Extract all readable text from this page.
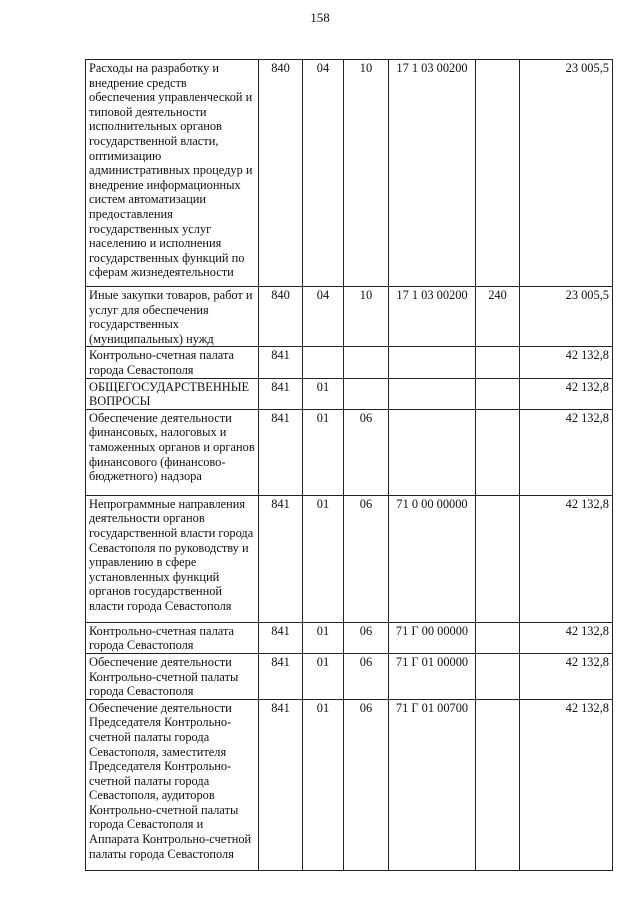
158
Расходы на разработку и внедрение средств обеспечения управленческой и типовой деятельности исполнительных органов государственной власти, оптимизацию административных процедур и внедрение информационных систем автоматизации предоставления государственных услуг населению и исполнения государственных функций по сферам жизнедеятельности	840	04	10	17 1 03 00200		23 005,5
Иные закупки товаров, работ и услуг для обеспечения государственных (муниципальных) нужд	840	04	10	17 1 03 00200	240	23 005,5
Контрольно-счетная палата города Севастополя	841					42 132,8
ОБЩЕГОСУДАРСТВЕННЫЕ ВОПРОСЫ	841	01				42 132,8
Обеспечение деятельности финансовых, налоговых и таможенных органов и органов финансового (финансово-бюджетного) надзора	841	01	06			42 132,8
Непрограммные направления деятельности органов государственной власти города Севастополя по руководству и управлению в сфере установленных функций органов государственной власти города Севастополя	841	01	06	71 0 00 00000		42 132,8
Контрольно-счетная палата города Севастополя	841	01	06	71 Г 00 00000		42 132,8
Обеспечение деятельности Контрольно-счетной палаты города Севастополя	841	01	06	71 Г 01 00000		42 132,8
Обеспечение деятельности Председателя Контрольно-счетной палаты города Севастополя, заместителя Председателя Контрольно-счетной палаты города Севастополя, аудиторов Контрольно-счетной палаты города Севастополя и Аппарата Контрольно-счетной палаты города Севастополя	841	01	06	71 Г 01 00700		42 132,8
